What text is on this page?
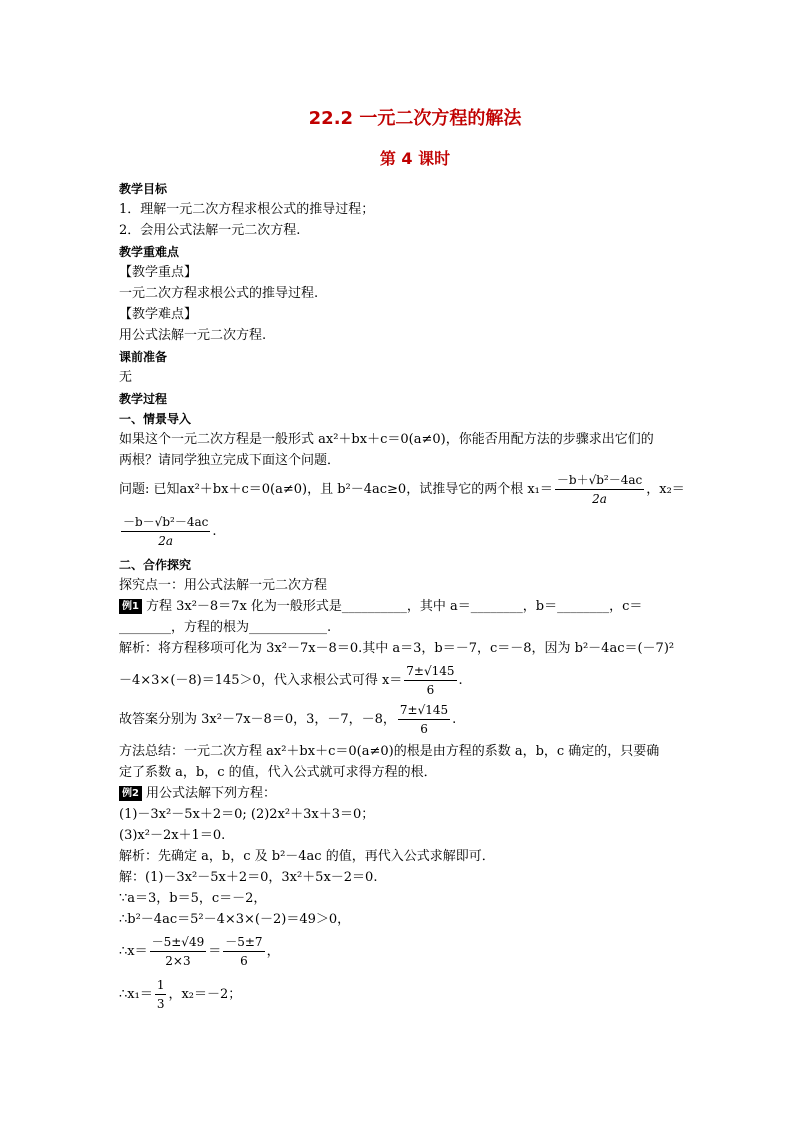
22.2 一元二次方程的解法
第 4 课时
教学目标
1．理解一元二次方程求根公式的推导过程；
2．会用公式法解一元二次方程.
教学重难点
【教学重点】
一元二次方程求根公式的推导过程.
【教学难点】
用公式法解一元二次方程.
课前准备
无
教学过程
一、情景导入
如果这个一元二次方程是一般形式 ax²＋bx＋c＝0(a≠0)，你能否用配方法的步骤求出它们的
两根？请同学独立完成下面这个问题．
问题: 已知ax²＋bx＋c＝0(a≠0)，且 b²－4ac≥0，试推导它的两个根 $x_1= \frac{\text{－b＋√b²－4ac}}{2a}$ ，x₂＝
$\frac{\text{－b－√b²－4ac}}{2a}$ .
二、合作探究
探究点一：用公式法解一元二次方程
例1 方程 3x²－8＝7x 化为一般形式是__________，其中 a＝________，b＝________，c＝
________，方程的根为____________.
解析：将方程移项可化为 3x²－7x－8＝0.其中 a＝3，b＝－7，c＝－8，因为 b²－4ac＝(－7)²
－4×3×(－8)＝145＞0，代入求根公式可得 $x= \frac{7\pm√145}{6}$ .
故答案分别为 3x²－7x－8＝0，3，－7，－8， $\frac{7\pm√145}{6}$ .
方法总结：一元二次方程 ax²＋bx＋c＝0(a≠0)的根是由方程的系数 a，b，c 确定的，只要确
定了系数 a，b，c 的值，代入公式就可求得方程的根．
例2 用公式法解下列方程：
(1)－3x²－5x＋2＝0; (2)2x²＋3x＋3＝0；
(3)x²－2x＋1＝0.
解析：先确定 a，b，c 及 b²－4ac 的值，再代入公式求解即可．
解：(1)－3x²－5x＋2＝0，3x²＋5x－2＝0.
∵a＝3，b＝5，c＝－2，
∴b²－4ac＝5²－4×3×(－2)＝49＞0，
∴x＝ $\frac{-5\pm√49}{2\times 3} = \frac{-5\pm 7}{6}$ ，
∴x₁＝ $\frac{1}{3}$ ，x₂＝－2；
